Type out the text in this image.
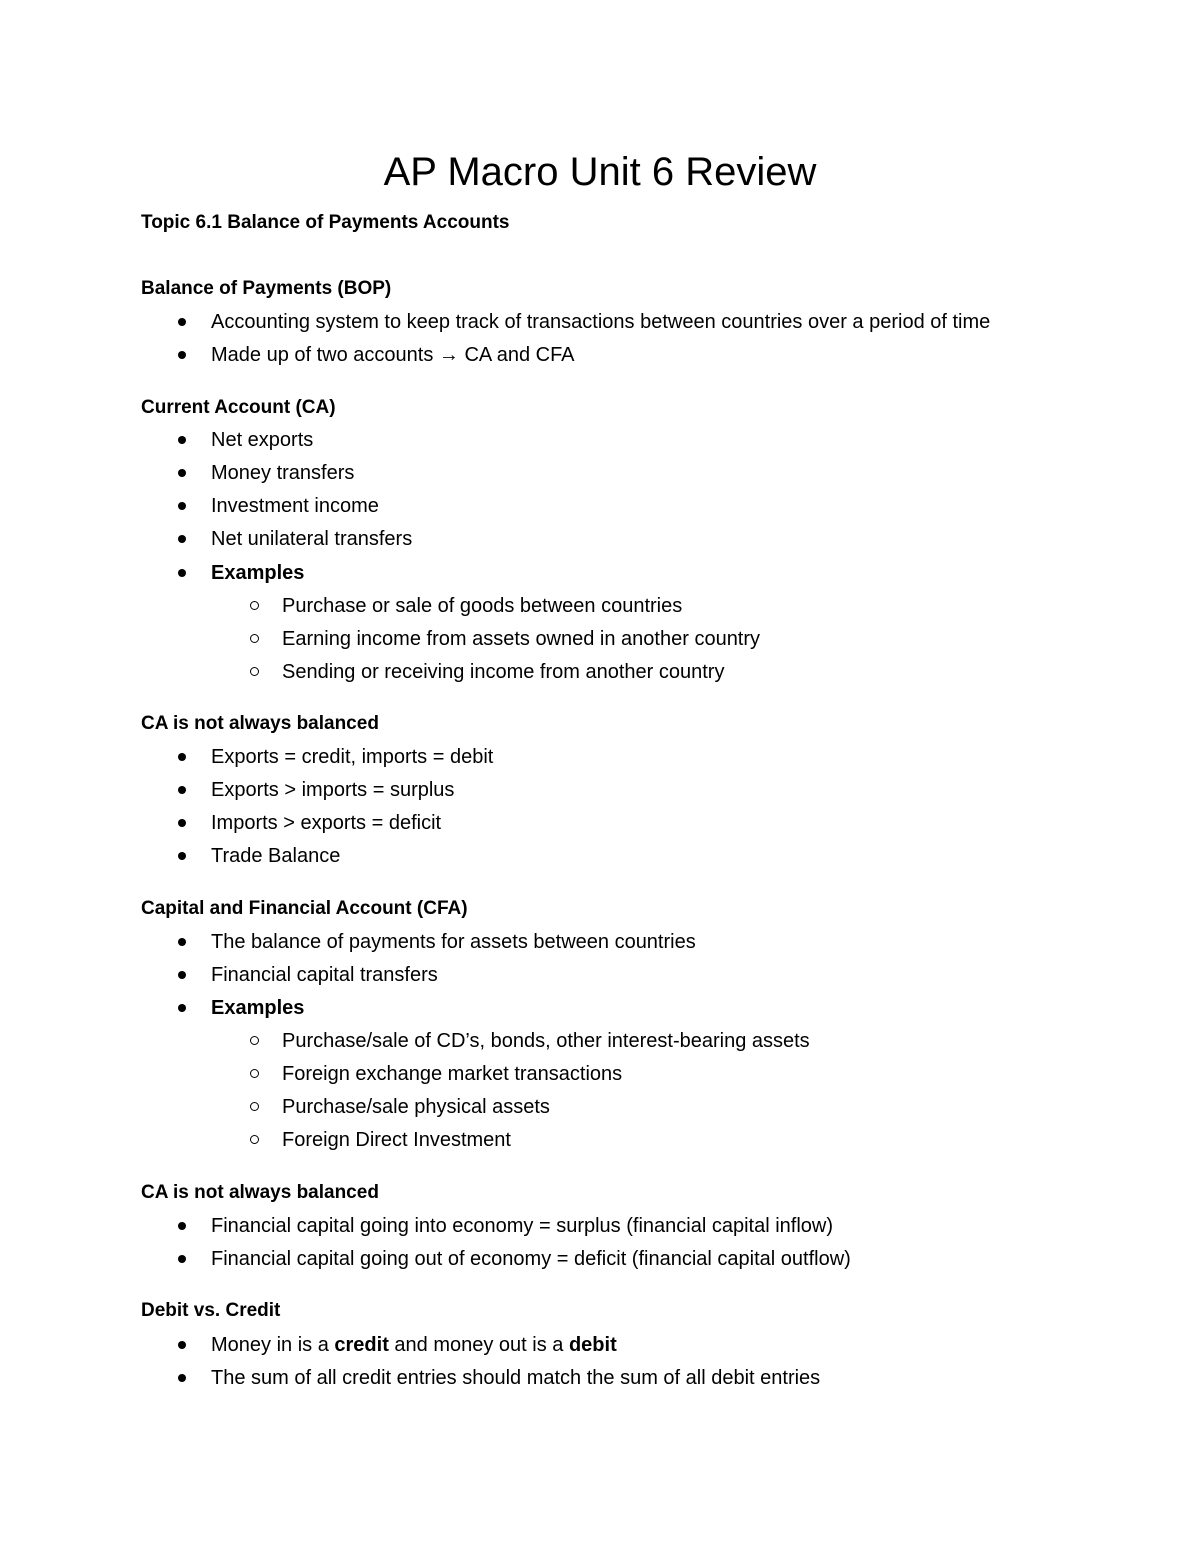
AP Macro Unit 6 Review
Topic 6.1 Balance of Payments Accounts
Balance of Payments (BOP)
Accounting system to keep track of transactions between countries over a period of time
Made up of two accounts → CA and CFA
Current Account (CA)
Net exports
Money transfers
Investment income
Net unilateral transfers
Examples
Purchase or sale of goods between countries
Earning income from assets owned in another country
Sending or receiving income from another country
CA is not always balanced
Exports = credit, imports = debit
Exports > imports = surplus
Imports > exports = deficit
Trade Balance
Capital and Financial Account (CFA)
The balance of payments for assets between countries
Financial capital transfers
Examples
Purchase/sale of CD’s, bonds, other interest-bearing assets
Foreign exchange market transactions
Purchase/sale physical assets
Foreign Direct Investment
CA is not always balanced
Financial capital going into economy = surplus (financial capital inflow)
Financial capital going out of economy = deficit (financial capital outflow)
Debit vs. Credit
Money in is a credit and money out is a debit
The sum of all credit entries should match the sum of all debit entries
